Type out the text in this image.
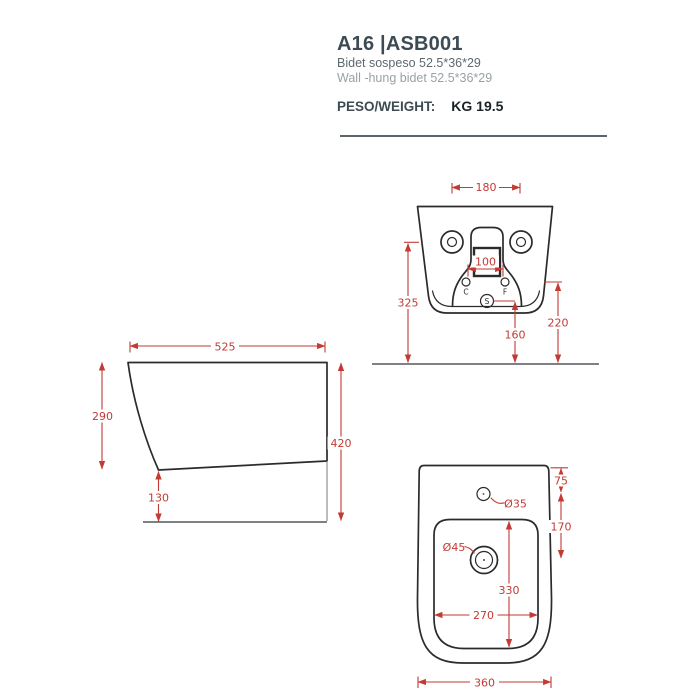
A16 |ASB001

Bidet sospeso 52.5*36*29

Wall -hung bidet 52.5*36*29

PESO/WEIGHT: KG 19.5
C	F
S
180
100
325
220
160
525
290
130
420
75
170
Ø35
Ø45
330
270
360
